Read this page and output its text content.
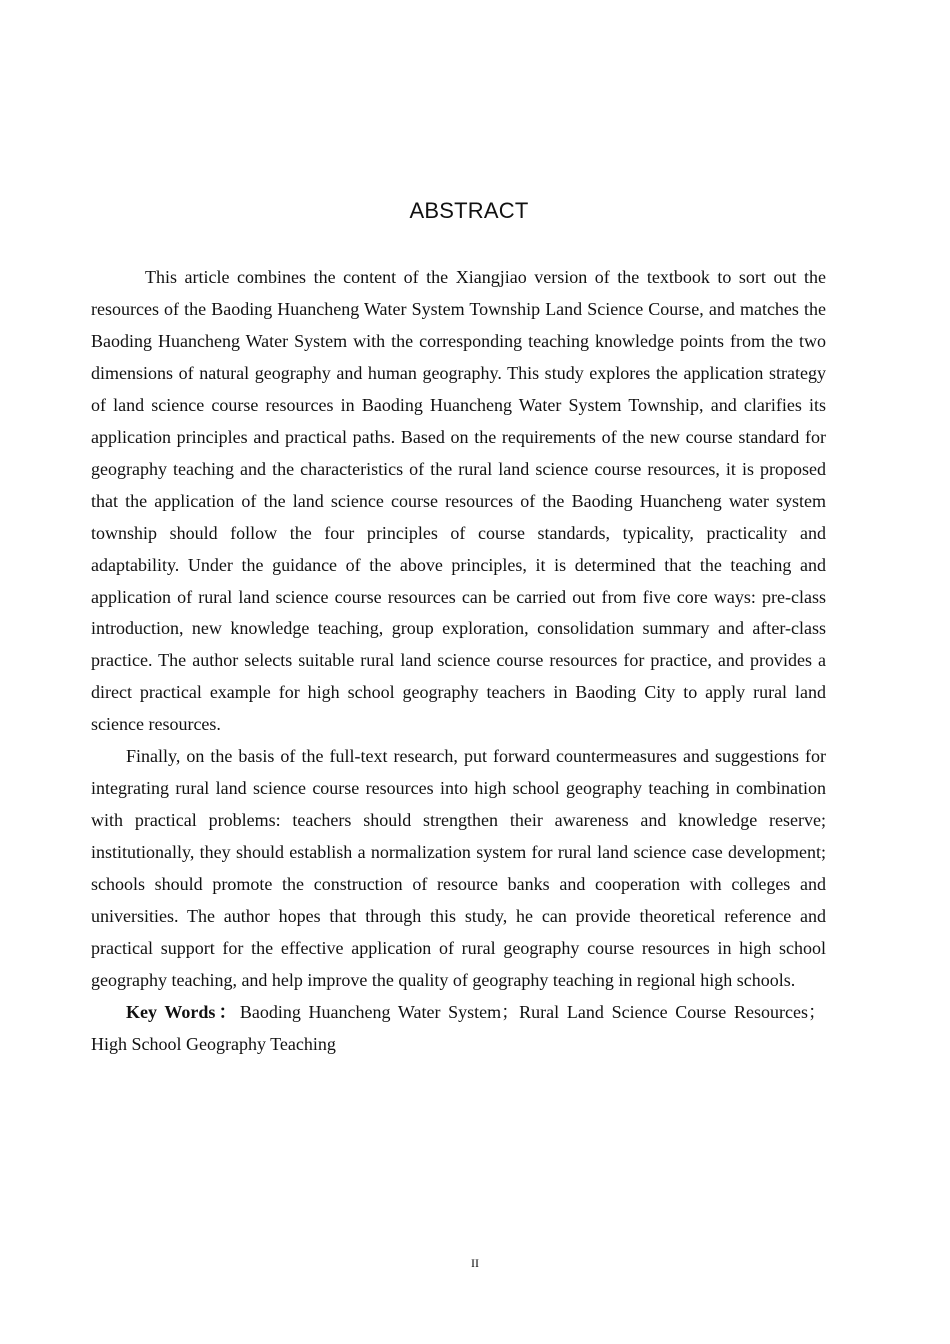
ABSTRACT

This article combines the content of the Xiangjiao version of the textbook to sort out the resources of the Baoding Huancheng Water System Township Land Science Course, and matches the Baoding Huancheng Water System with the corresponding teaching knowledge points from the two dimensions of natural geography and human geography. This study explores the application strategy of land science course resources in Baoding Huancheng Water System Township, and clarifies its application principles and practical paths. Based on the requirements of the new course standard for geography teaching and the characteristics of the rural land science course resources, it is proposed that the application of the land science course resources of the Baoding Huancheng water system township should follow the four principles of course standards, typicality, practicality and adaptability. Under the guidance of the above principles, it is determined that the teaching and application of rural land science course resources can be carried out from five core ways: pre-class introduction, new knowledge teaching, group exploration, consolidation summary and after-class practice. The author selects suitable rural land science course resources for practice, and provides a direct practical example for high school geography teachers in Baoding City to apply rural land science resources.

Finally, on the basis of the full-text research, put forward countermeasures and suggestions for integrating rural land science course resources into high school geography teaching in combination with practical problems: teachers should strengthen their awareness and knowledge reserve; institutionally, they should establish a normalization system for rural land science case development; schools should promote the construction of resource banks and cooperation with colleges and universities. The author hopes that through this study, he can provide theoretical reference and practical support for the effective application of rural geography course resources in high school geography teaching, and help improve the quality of geography teaching in regional high schools.

Key Words：Baoding Huancheng Water System；Rural Land Science Course Resources；High School Geography Teaching

II
